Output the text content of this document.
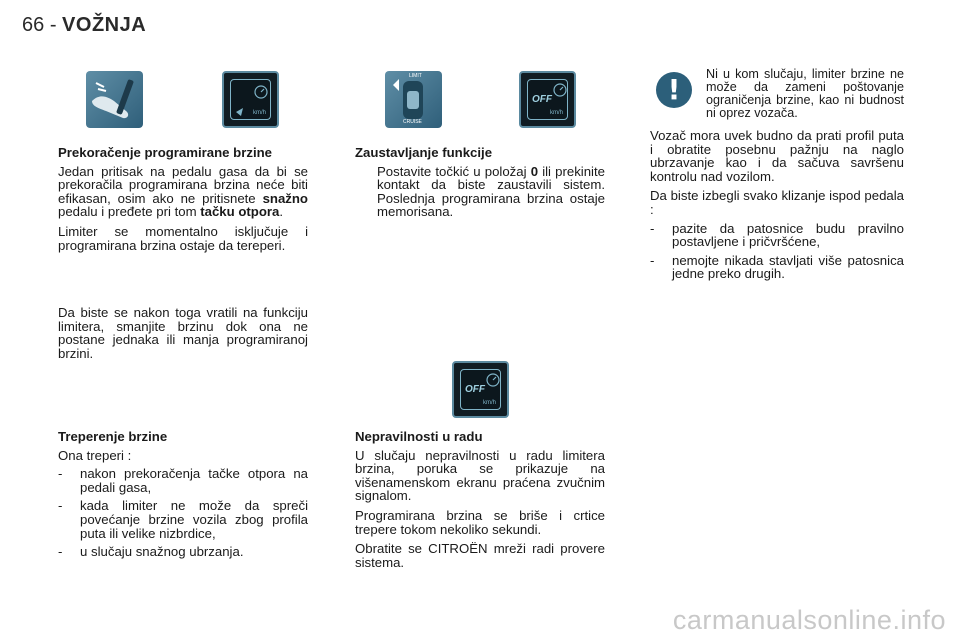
66 - VOŽNJA
km/h
LIMIT
CRUISE
OFF
km/h
!

Prekoračenje programirane brzine

Jedan pritisak na pedalu gasa da bi se prekoračila programirana brzina neće biti efikasan, osim ako ne pritisnete snažno pedalu i pređete pri tom tačku otpora.

Limiter se momentalno isključuje i programirana brzina ostaje da tereperi.

Da biste se nakon toga vratili na funkciju limitera, smanjite brzinu dok ona ne postane jednaka ili manja programiranoj brzini.

Treperenje brzine

Ona treperi :

-	nakon prekoračenja tačke otpora na pedali gasa,
-	kada limiter ne može da spreči povećanje brzine vozila zbog profila puta ili velike nizbrdice,
-	u slučaju snažnog ubrzanja.

Zaustavljanje funkcije

Postavite točkić u položaj 0 ili prekinite kontakt da biste zaustavili sistem. Poslednja programirana brzina ostaje memorisana.
OFF
km/h

Nepravilnosti u radu

U slučaju nepravilnosti u radu limitera brzina, poruka se prikazuje na višenamenskom ekranu praćena zvučnim signalom.

Programirana brzina se briše i crtice trepere tokom nekoliko sekundi.

Obratite se CITROËN mreži radi provere sistema.

Ni u kom slučaju, limiter brzine ne može da zameni poštovanje ograničenja brzine, kao ni budnost ni oprez vozača.

Vozač mora uvek budno da prati profil puta i obratite posebnu pažnju na naglo ubrzavanje kao i da sačuva savršenu kontrolu nad vozilom.

Da biste izbegli svako klizanje ispod pedala :

-	pazite da patosnice budu pravilno postavljene i pričvršćene,
-	nemojte nikada stavljati više patosnica jedne preko drugih.
carmanualsonline.info
